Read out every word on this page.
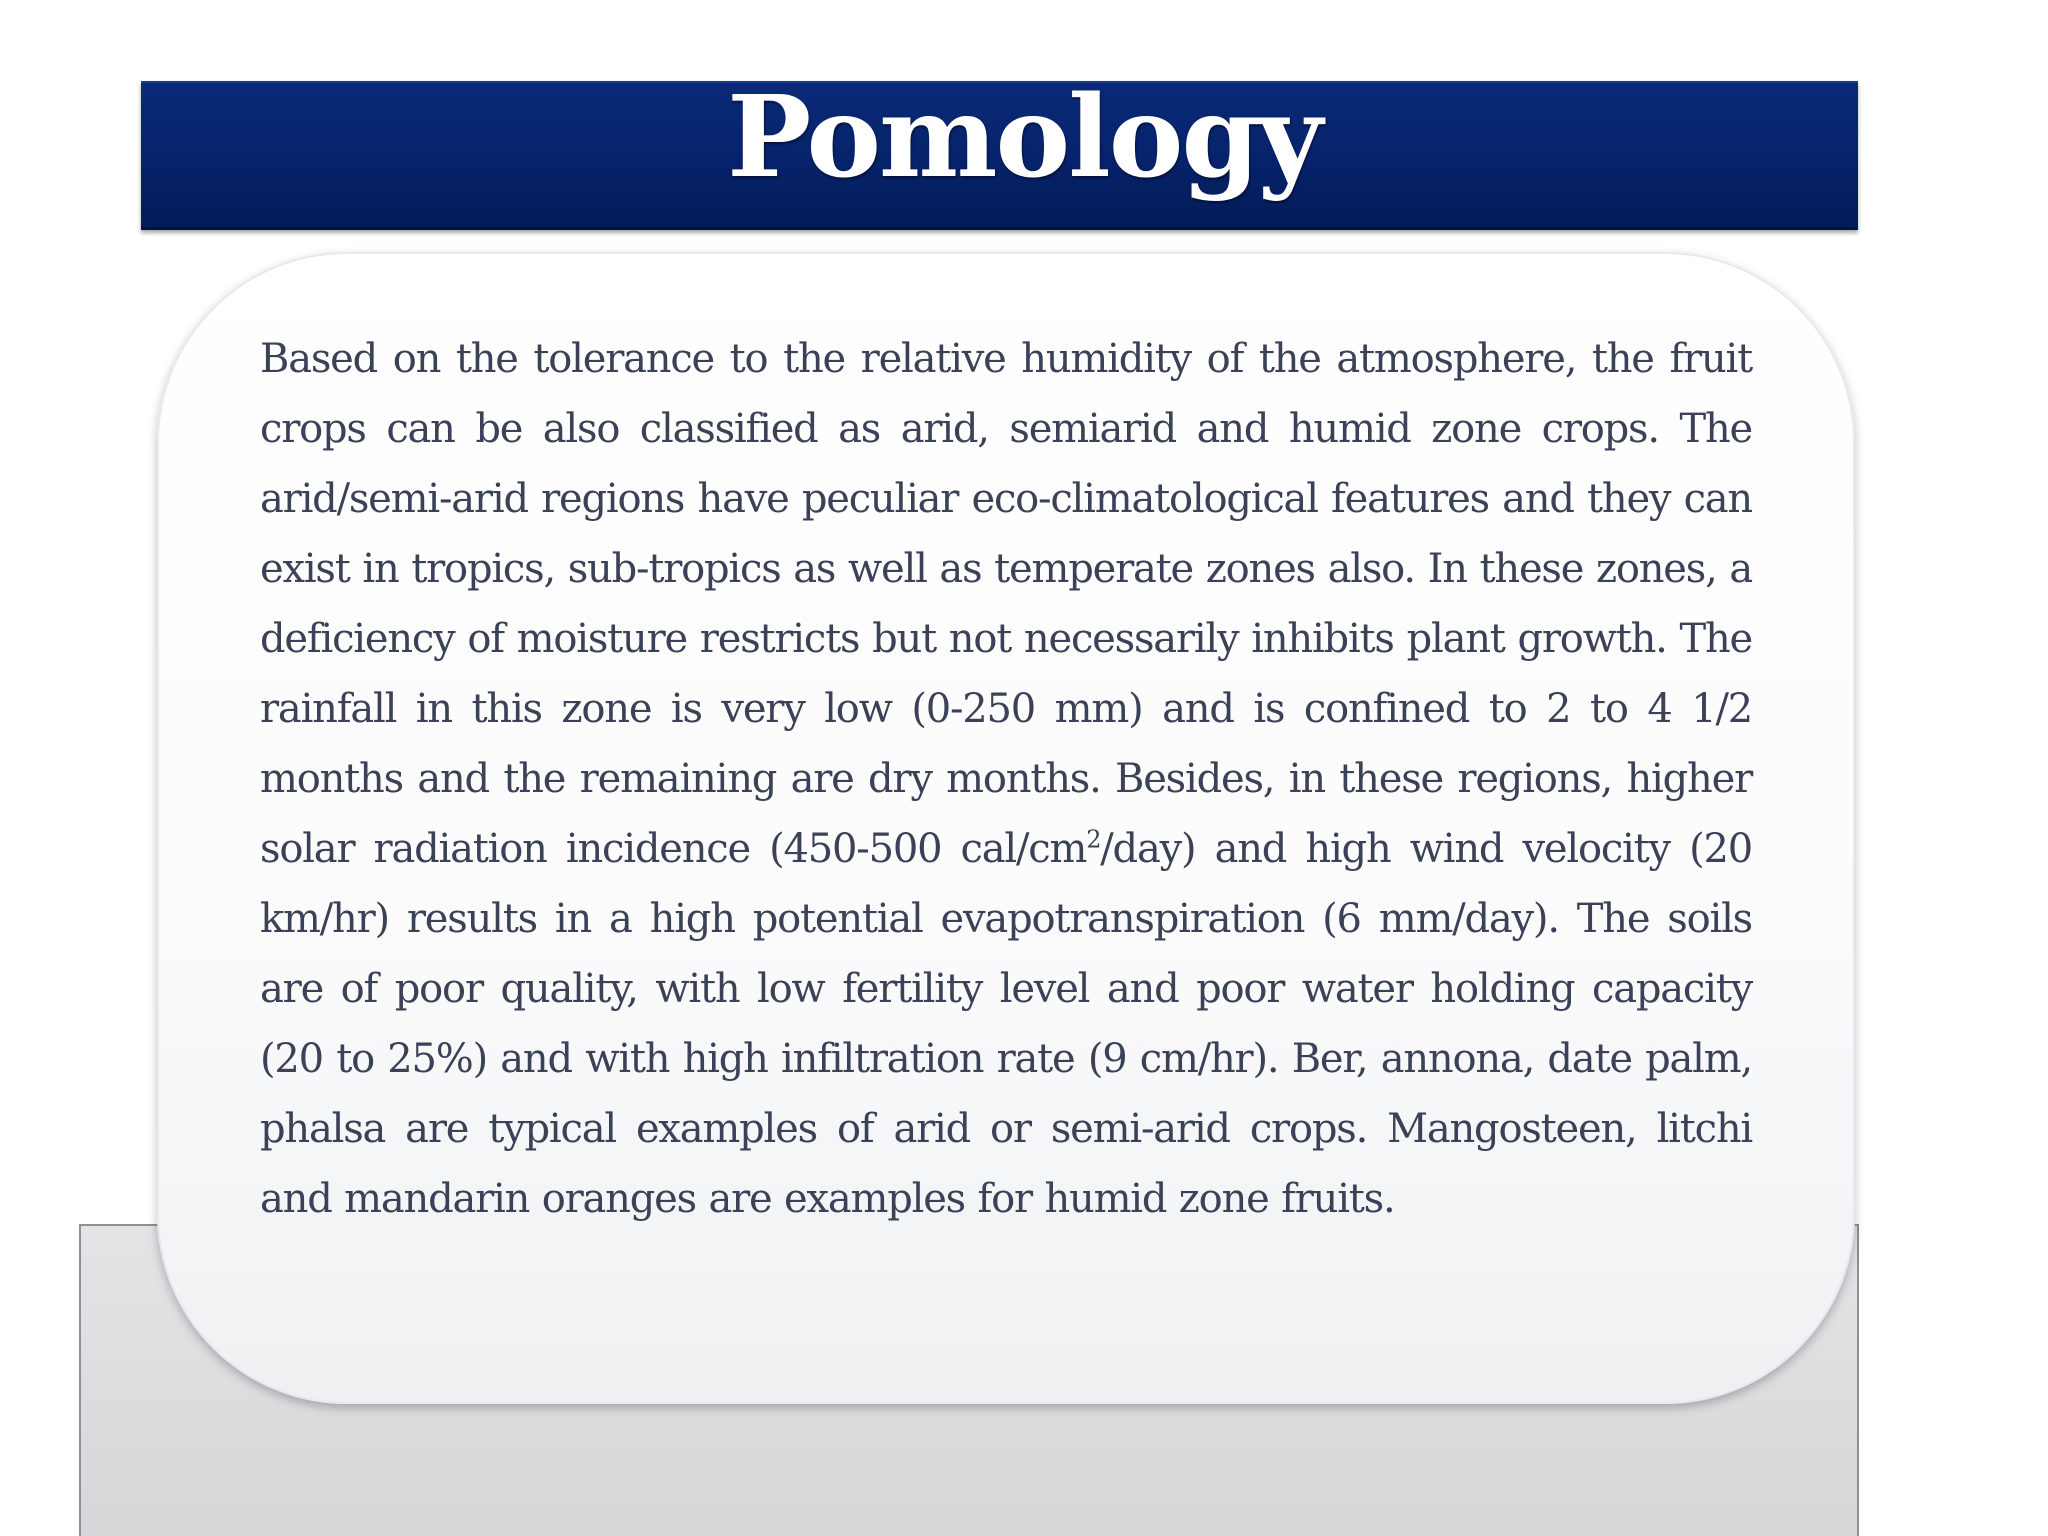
Pomology

Based on the tolerance to the relative humidity of the atmosphere, the fruit crops can be also classified as arid, semiarid and humid zone crops. The arid/semi-arid regions have peculiar eco-climatological features and they can exist in tropics, sub-tropics as well as temperate zones also. In these zones, a deficiency of moisture restricts but not necessarily inhibits plant growth. The rainfall in this zone is very low (0-250 mm) and is confined to 2 to 4 1/2 months and the remaining are dry months. Besides, in these regions, higher solar radiation incidence (450-500 cal/$cm^2/day$) and high wind velocity (20 km/hr) results in a high potential evapotranspiration (6 mm/day). The soils are of poor quality, with low fertility level and poor water holding capacity (20 to 25%) and with high infiltration rate (9 cm/hr). Ber, annona, date palm, phalsa are typical examples of arid or semi-arid crops. Mangosteen, litchi and mandarin oranges are examples for humid zone fruits.
